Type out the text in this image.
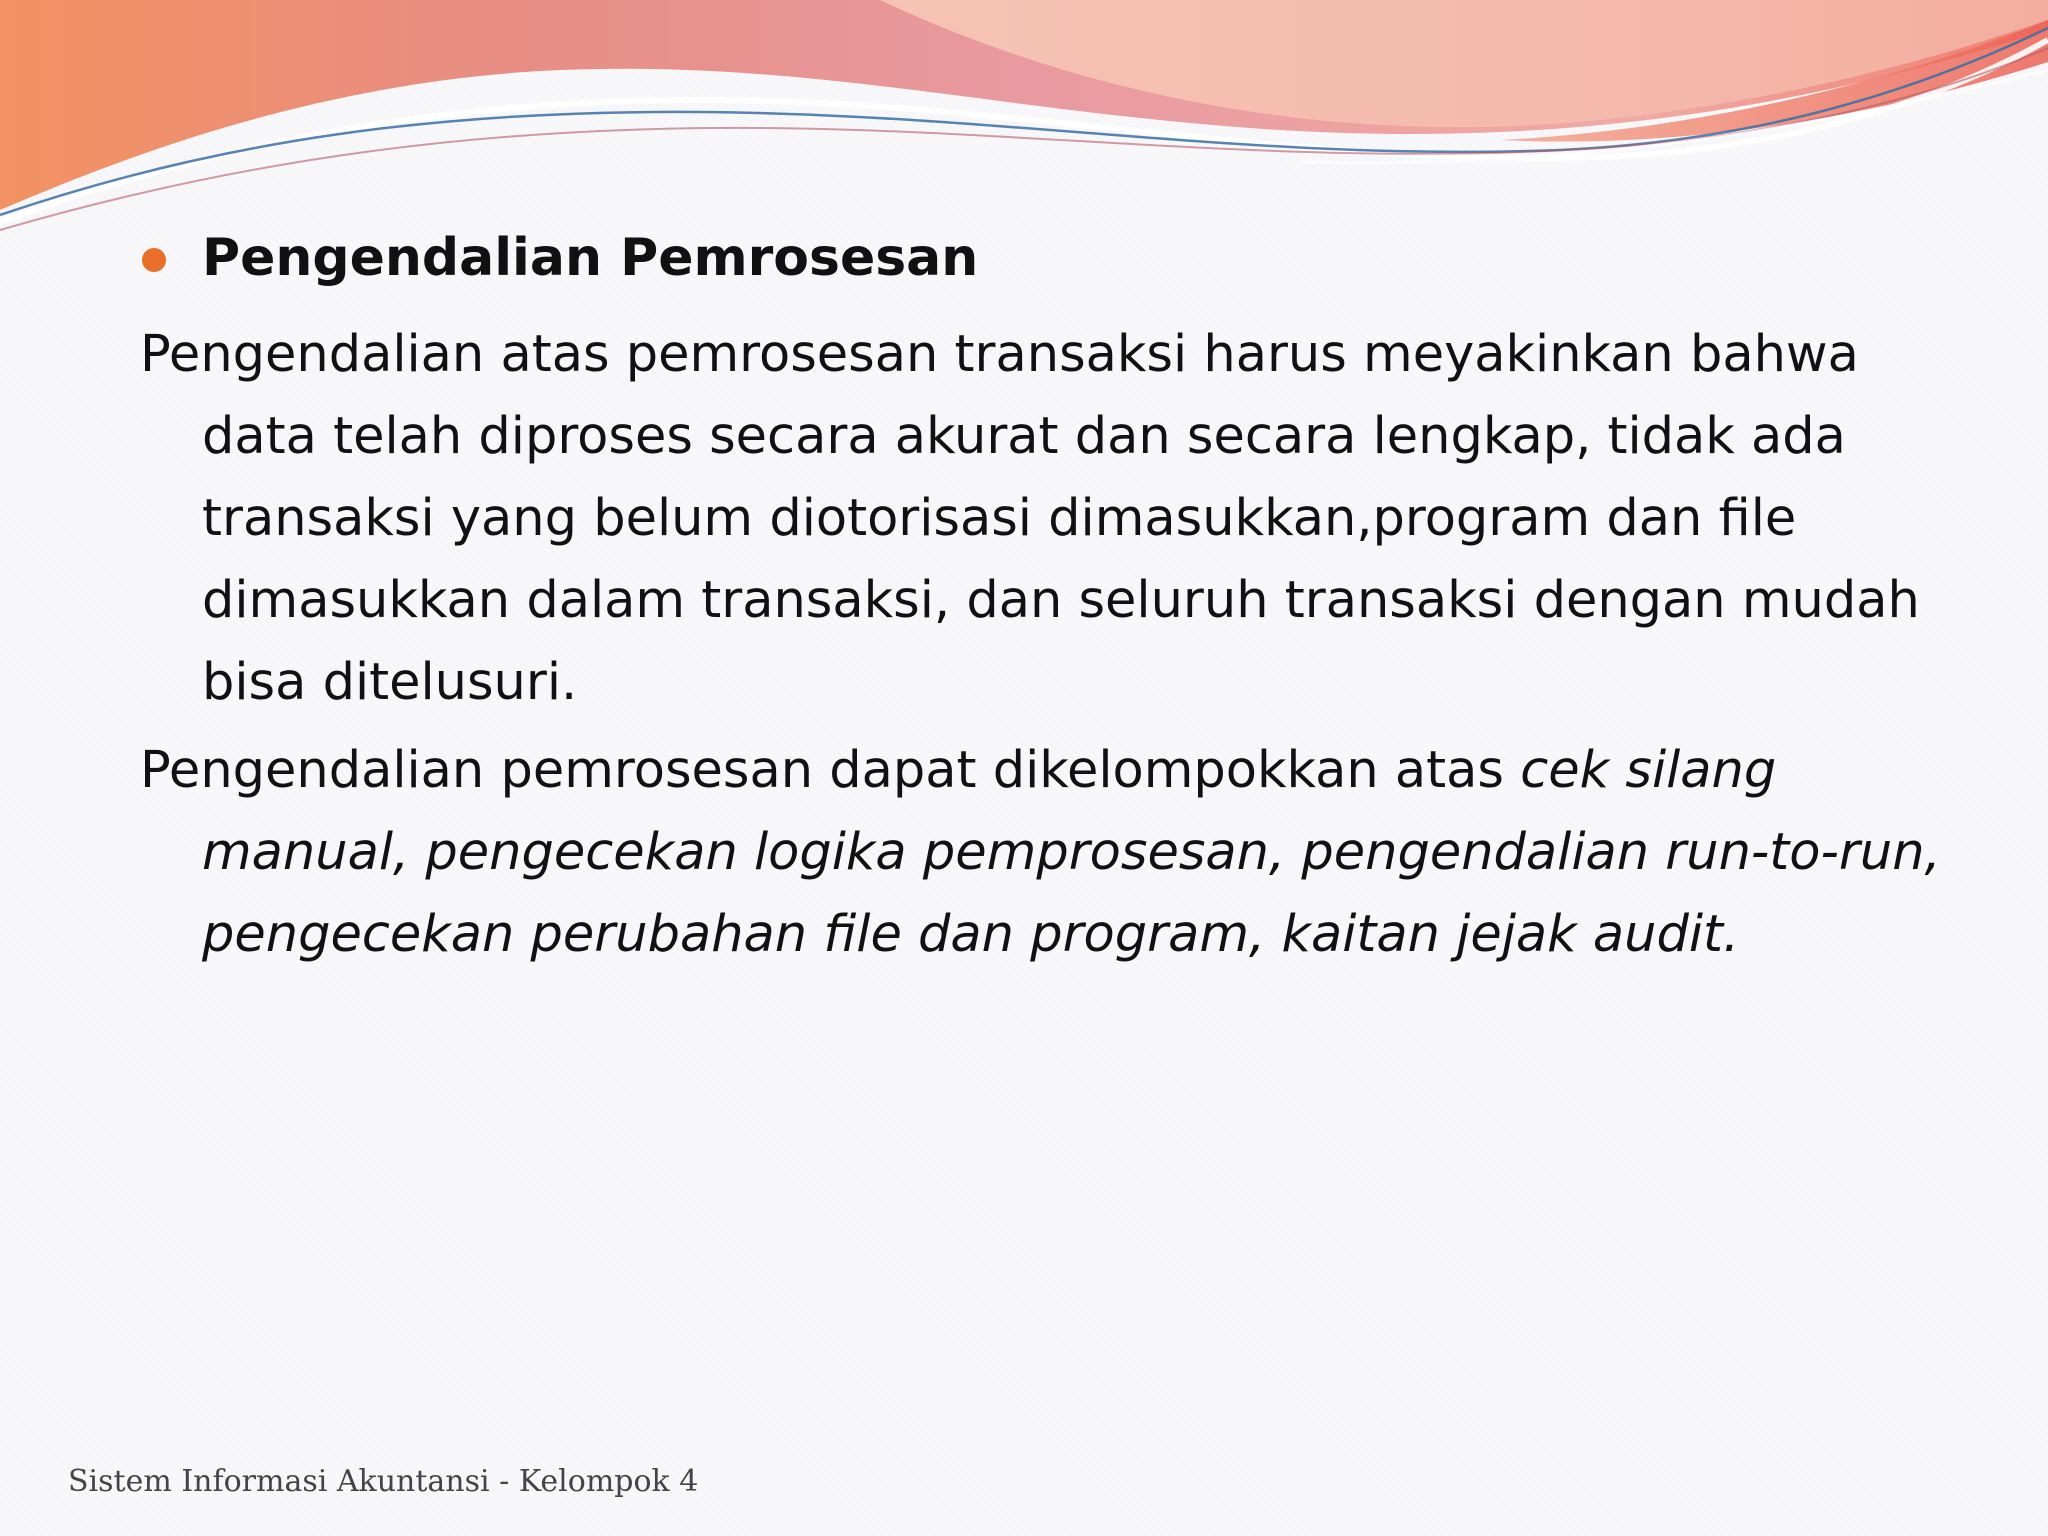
Pengendalian Pemrosesan

Pengendalian atas pemrosesan transaksi harus meyakinkan bahwa data telah diproses secara akurat dan secara lengkap, tidak ada transaksi yang belum diotorisasi dimasukkan,program dan file dimasukkan dalam transaksi, dan seluruh transaksi dengan mudah bisa ditelusuri.

Pengendalian pemrosesan dapat dikelompokkan atas cek silang manual, pengecekan logika pemprosesan, pengendalian run-to-run, pengecekan perubahan file dan program, kaitan jejak audit.

Sistem Informasi Akuntansi - Kelompok 4
